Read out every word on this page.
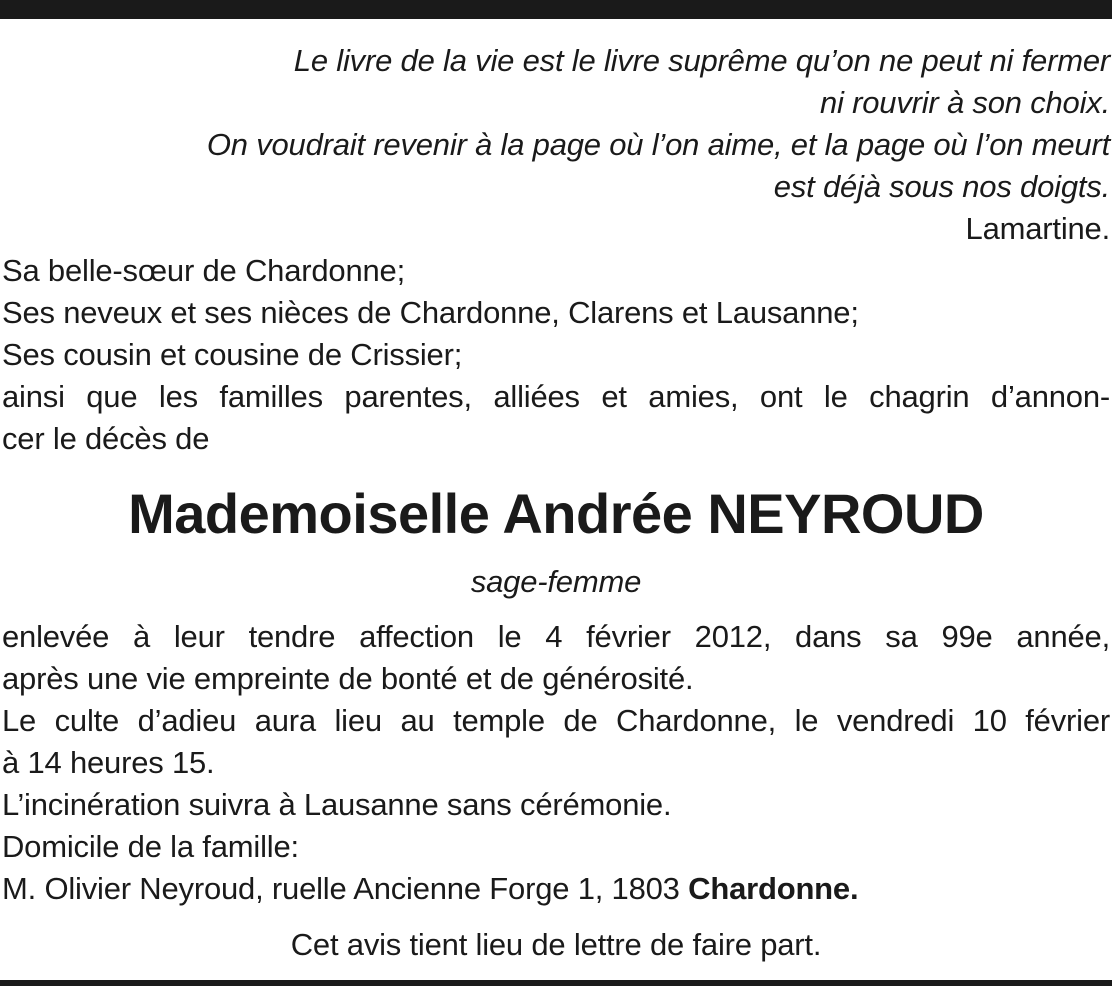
Le livre de la vie est le livre suprême qu’on ne peut ni fermer
ni rouvrir à son choix.
On voudrait revenir à la page où l’on aime, et la page où l’on meurt
est déjà sous nos doigts.
Lamartine.
Sa belle-sœur de Chardonne;
Ses neveux et ses nièces de Chardonne, Clarens et Lausanne;
Ses cousin et cousine de Crissier;
ainsi que les familles parentes, alliées et amies, ont le chagrin d’annon-
cer le décès de
Mademoiselle Andrée NEYROUD
sage-femme
enlevée à leur tendre affection le 4 février 2012, dans sa 99e année,
après une vie empreinte de bonté et de générosité.
Le culte d’adieu aura lieu au temple de Chardonne, le vendredi 10 février
à 14 heures 15.
L’incinération suivra à Lausanne sans cérémonie.
Domicile de la famille:
M. Olivier Neyroud, ruelle Ancienne Forge 1, 1803 Chardonne.
Cet avis tient lieu de lettre de faire part.
